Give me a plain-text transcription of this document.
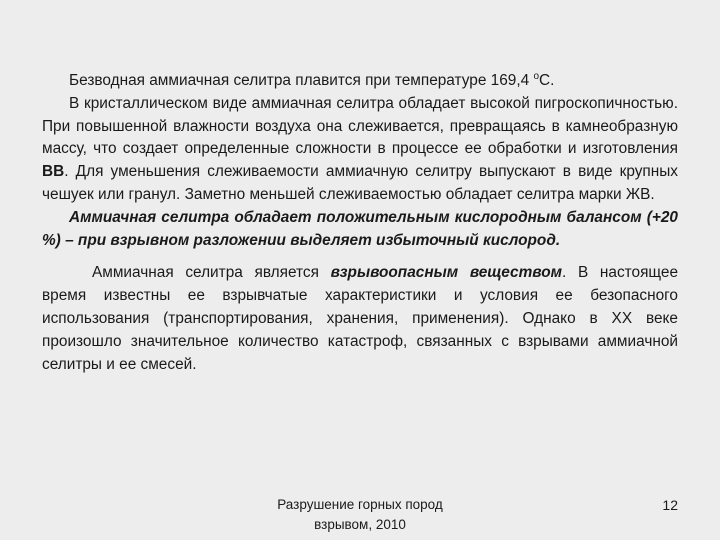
Безводная аммиачная селитра плавится при температуре 169,4 $^о$С.

В кристаллическом виде аммиачная селитра обладает высокой пигроскопичностью. При повышенной влажности воздуха она слеживается, превращаясь в камнеобразную массу, что создает определенные сложности в процессе ее обработки и изготовления ВВ. Для уменьшения слеживаемости аммиачную селитру выпускают в виде крупных чешуек или гранул. Заметно меньшей слеживаемостью обладает селитра марки ЖВ.

Аммиачная селитра обладает положительным кислородным балансом (+20 %) – при взрывном разложении выделяет избыточный кислород.

Аммиачная селитра является взрывоопасным веществом. В настоящее время известны ее взрывчатые характеристики и условия ее безопасного использования (транспортирования, хранения, применения). Однако в XX веке произошло значительное количество катастроф, связанных с взрывами аммиачной селитры и ее смесей.

Разрушение горных пород
взрывом, 2010
12
